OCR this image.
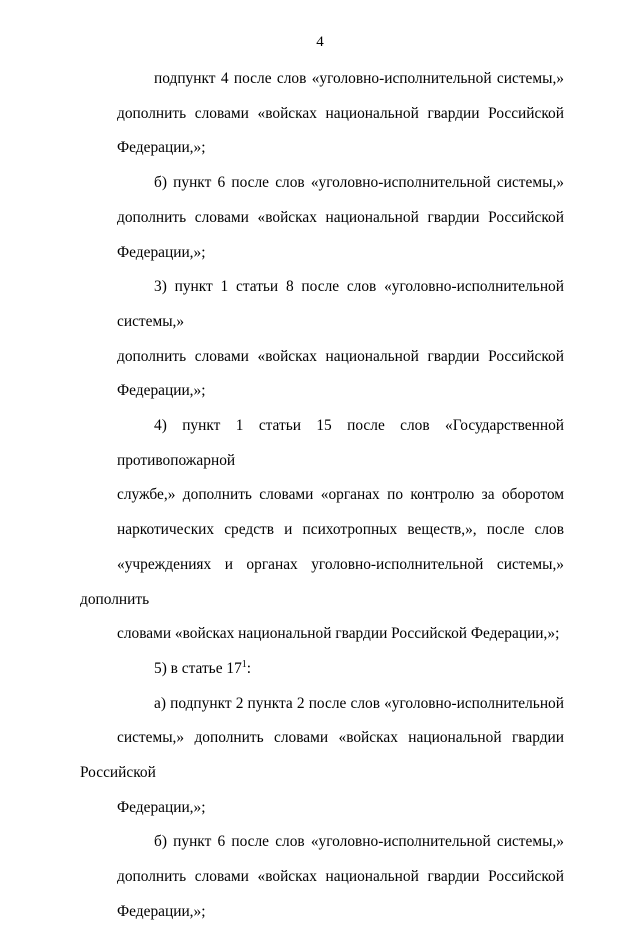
4
подпункт 4 после слов «уголовно-исполнительной системы,»
дополнить словами «войсках национальной гвардии Российской
Федерации,»;
б) пункт 6 после слов «уголовно-исполнительной системы,»
дополнить словами «войсках национальной гвардии Российской
Федерации,»;
3) пункт 1 статьи 8 после слов «уголовно-исполнительной системы,»
дополнить словами «войсках национальной гвардии Российской
Федерации,»;
4) пункт 1 статьи 15 после слов «Государственной противопожарной
службе,» дополнить словами «органах по контролю за оборотом
наркотических средств и психотропных веществ,», после слов
«учреждениях и органах уголовно-исполнительной системы,» дополнить
словами «войсках национальной гвардии Российской Федерации,»;
5) в статье $17^1$:
а) подпункт 2 пункта 2 после слов «уголовно-исполнительной
системы,» дополнить словами «войсках национальной гвардии Российской
Федерации,»;
б) пункт 6 после слов «уголовно-исполнительной системы,»
дополнить словами «войсках национальной гвардии Российской
Федерации,»;
